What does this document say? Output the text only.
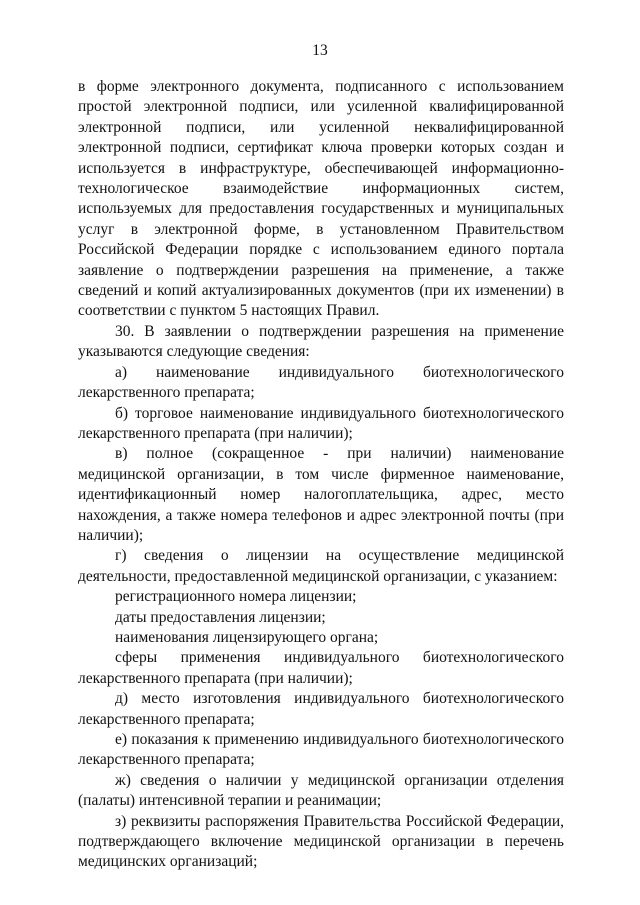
13

в форме электронного документа, подписанного с использованием простой электронной подписи, или усиленной квалифицированной электронной подписи, или усиленной неквалифицированной электронной подписи, сертификат ключа проверки которых создан и используется в инфраструктуре, обеспечивающей информационно-технологическое взаимодействие информационных систем, используемых для предоставления государственных и муниципальных услуг в электронной форме, в установленном Правительством Российской Федерации порядке с использованием единого портала заявление о подтверждении разрешения на применение, а также сведений и копий актуализированных документов (при их изменении) в соответствии с пунктом 5 настоящих Правил.

30. В заявлении о подтверждении разрешения на применение указываются следующие сведения:

а) наименование индивидуального биотехнологического лекарственного препарата;

б) торговое наименование индивидуального биотехнологического лекарственного препарата (при наличии);

в) полное (сокращенное - при наличии) наименование медицинской организации, в том числе фирменное наименование, идентификационный номер налогоплательщика, адрес, место нахождения, а также номера телефонов и адрес электронной почты (при наличии);

г) сведения о лицензии на осуществление медицинской деятельности, предоставленной медицинской организации, с указанием:

регистрационного номера лицензии;

даты предоставления лицензии;

наименования лицензирующего органа;

сферы применения индивидуального биотехнологического лекарственного препарата (при наличии);

д) место изготовления индивидуального биотехнологического лекарственного препарата;

е) показания к применению индивидуального биотехнологического лекарственного препарата;

ж) сведения о наличии у медицинской организации отделения (палаты) интенсивной терапии и реанимации;

з) реквизиты распоряжения Правительства Российской Федерации, подтверждающего включение медицинской организации в перечень медицинских организаций;
